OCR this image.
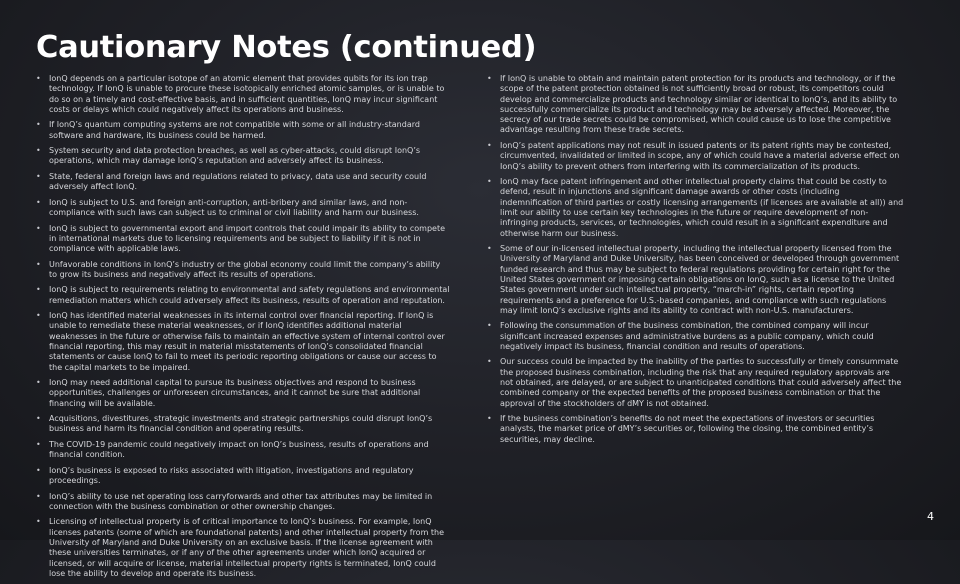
Cautionary Notes (continued)
• IonQ depends on a particular isotope of an atomic element that provides qubits for its ion trap technology. If IonQ is unable to procure these isotopically enriched atomic samples, or is unable to do so on a timely and cost-effective basis, and in sufficient quantities, IonQ may incur significant costs or delays which could negatively affect its operations and business.
• If IonQ’s quantum computing systems are not compatible with some or all industry-standard software and hardware, its business could be harmed.
• System security and data protection breaches, as well as cyber-attacks, could disrupt IonQ’s operations, which may damage IonQ’s reputation and adversely affect its business.
• State, federal and foreign laws and regulations related to privacy, data use and security could adversely affect IonQ.
• IonQ is subject to U.S. and foreign anti-corruption, anti-bribery and similar laws, and non-compliance with such laws can subject us to criminal or civil liability and harm our business.
• IonQ is subject to governmental export and import controls that could impair its ability to compete in international markets due to licensing requirements and be subject to liability if it is not in compliance with applicable laws.
• Unfavorable conditions in IonQ’s industry or the global economy could limit the company’s ability to grow its business and negatively affect its results of operations.
• IonQ is subject to requirements relating to environmental and safety regulations and environmental remediation matters which could adversely affect its business, results of operation and reputation.
• IonQ has identified material weaknesses in its internal control over financial reporting. If IonQ is unable to remediate these material weaknesses, or if IonQ identifies additional material weaknesses in the future or otherwise fails to maintain an effective system of internal control over financial reporting, this may result in material misstatements of IonQ’s consolidated financial statements or cause IonQ to fail to meet its periodic reporting obligations or cause our access to the capital markets to be impaired.
• IonQ may need additional capital to pursue its business objectives and respond to business opportunities, challenges or unforeseen circumstances, and it cannot be sure that additional financing will be available.
• Acquisitions, divestitures, strategic investments and strategic partnerships could disrupt IonQ’s business and harm its financial condition and operating results.
• The COVID-19 pandemic could negatively impact on IonQ’s business, results of operations and financial condition.
• IonQ’s business is exposed to risks associated with litigation, investigations and regulatory proceedings.
• IonQ’s ability to use net operating loss carryforwards and other tax attributes may be limited in connection with the business combination or other ownership changes.
• Licensing of intellectual property is of critical importance to IonQ’s business. For example, IonQ licenses patents (some of which are foundational patents) and other intellectual property from the University of Maryland and Duke University on an exclusive basis. If the license agreement with these universities terminates, or if any of the other agreements under which IonQ acquired or licensed, or will acquire or license, material intellectual property rights is terminated, IonQ could lose the ability to develop and operate its business.
• If IonQ is unable to obtain and maintain patent protection for its products and technology, or if the scope of the patent protection obtained is not sufficiently broad or robust, its competitors could develop and commercialize products and technology similar or identical to IonQ’s, and its ability to successfully commercialize its product and technology may be adversely affected. Moreover, the secrecy of our trade secrets could be compromised, which could cause us to lose the competitive advantage resulting from these trade secrets.
• IonQ’s patent applications may not result in issued patents or its patent rights may be contested, circumvented, invalidated or limited in scope, any of which could have a material adverse effect on IonQ’s ability to prevent others from interfering with its commercialization of its products.
• IonQ may face patent infringement and other intellectual property claims that could be costly to defend, result in injunctions and significant damage awards or other costs (including indemnification of third parties or costly licensing arrangements (if licenses are available at all)) and limit our ability to use certain key technologies in the future or require development of non-infringing products, services, or technologies, which could result in a significant expenditure and otherwise harm our business.
• Some of our in-licensed intellectual property, including the intellectual property licensed from the University of Maryland and Duke University, has been conceived or developed through government funded research and thus may be subject to federal regulations providing for certain right for the United States government or imposing certain obligations on IonQ, such as a license to the United States government under such intellectual property, “march-in” rights, certain reporting requirements and a preference for U.S.-based companies, and compliance with such regulations may limit IonQ’s exclusive rights and its ability to contract with non-U.S. manufacturers.
• Following the consummation of the business combination, the combined company will incur significant increased expenses and administrative burdens as a public company, which could negatively impact its business, financial condition and results of operations.
• Our success could be impacted by the inability of the parties to successfully or timely consummate the proposed business combination, including the risk that any required regulatory approvals are not obtained, are delayed, or are subject to unanticipated conditions that could adversely affect the combined company or the expected benefits of the proposed business combination or that the approval of the stockholders of dMY is not obtained.
• If the business combination’s benefits do not meet the expectations of investors or securities analysts, the market price of dMY’s securities or, following the closing, the combined entity’s securities, may decline.
4
